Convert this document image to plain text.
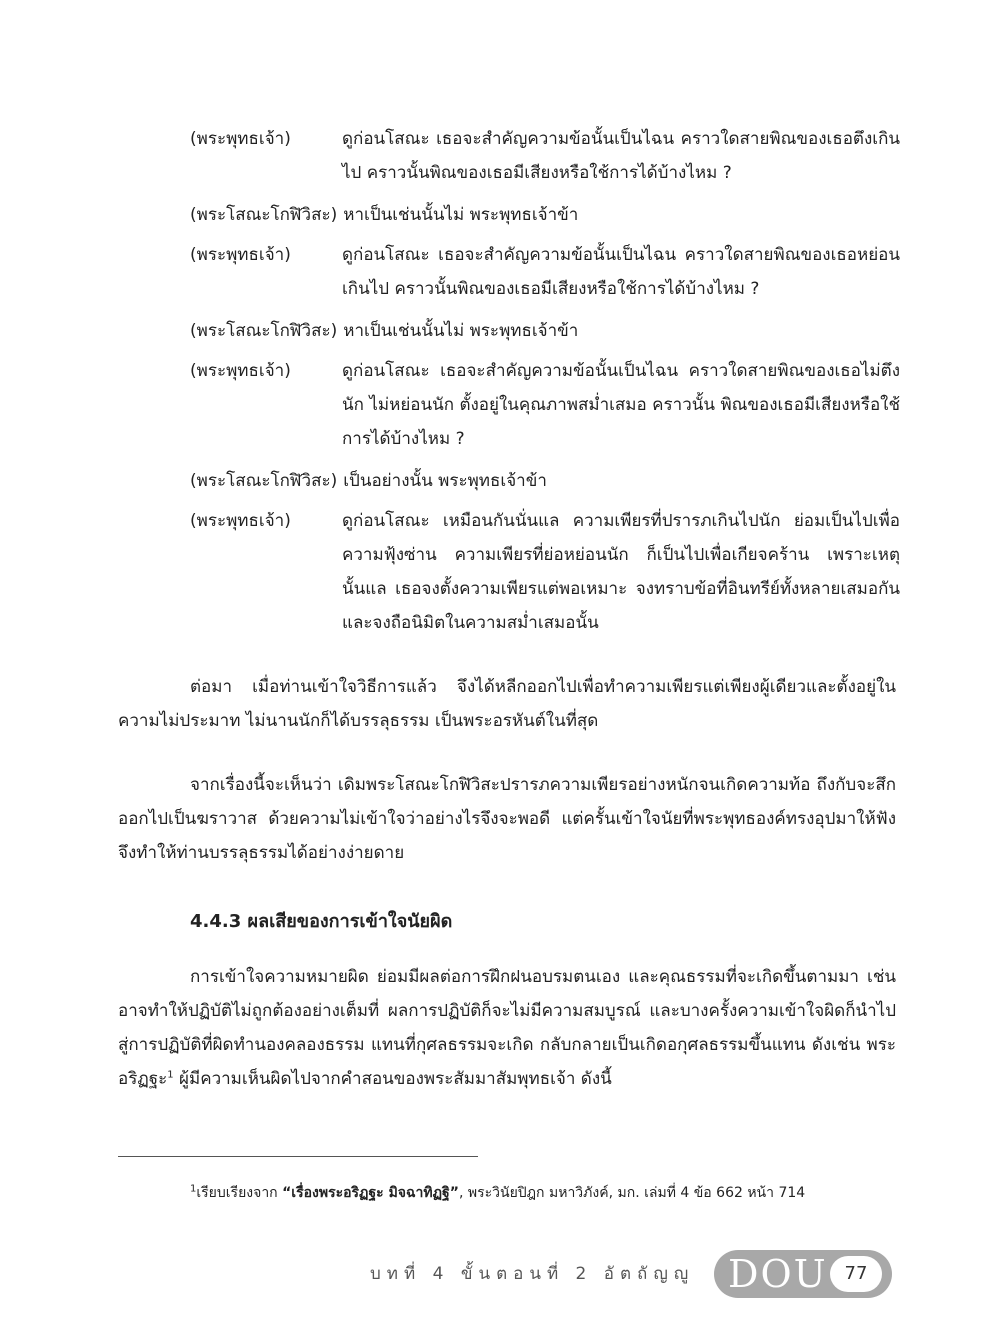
(พระพุทธเจ้า)	ดูก่อนโสณะ เธอจะสำคัญความข้อนั้นเป็นไฉน คราวใดสายพิณของเธอตึงเกินไป คราวนั้นพิณของเธอมีเสียงหรือใช้การได้บ้างไหม ?
(พระโสณะโกฬิวิสะ) หาเป็นเช่นนั้นไม่ พระพุทธเจ้าข้า
(พระพุทธเจ้า)	ดูก่อนโสณะ เธอจะสำคัญความข้อนั้นเป็นไฉน คราวใดสายพิณของเธอหย่อนเกินไป คราวนั้นพิณของเธอมีเสียงหรือใช้การได้บ้างไหม ?
(พระโสณะโกฬิวิสะ) หาเป็นเช่นนั้นไม่ พระพุทธเจ้าข้า
(พระพุทธเจ้า)	ดูก่อนโสณะ เธอจะสำคัญความข้อนั้นเป็นไฉน คราวใดสายพิณของเธอไม่ตึงนัก ไม่หย่อนนัก ตั้งอยู่ในคุณภาพสม่ำเสมอ คราวนั้น พิณของเธอมีเสียงหรือใช้การได้บ้างไหม ?
(พระโสณะโกฬิวิสะ) เป็นอย่างนั้น พระพุทธเจ้าข้า
(พระพุทธเจ้า)	ดูก่อนโสณะ เหมือนกันนั่นแล ความเพียรที่ปรารภเกินไปนัก ย่อมเป็นไปเพื่อความฟุ้งซ่าน ความเพียรที่ย่อหย่อนนัก ก็เป็นไปเพื่อเกียจคร้าน เพราะเหตุนั้นแล เธอจงตั้งความเพียรแต่พอเหมาะ จงทราบข้อที่อินทรีย์ทั้งหลายเสมอกัน และจงถือนิมิตในความสม่ำเสมอนั้น

ต่อมา เมื่อท่านเข้าใจวิธีการแล้ว จึงได้หลีกออกไปเพื่อทำความเพียรแต่เพียงผู้เดียวและตั้งอยู่ในความไม่ประมาท ไม่นานนักก็ได้บรรลุธรรม เป็นพระอรหันต์ในที่สุด

จากเรื่องนี้จะเห็นว่า เดิมพระโสณะโกฬิวิสะปรารภความเพียรอย่างหนักจนเกิดความท้อ ถึงกับจะสึกออกไปเป็นฆราวาส ด้วยความไม่เข้าใจว่าอย่างไรจึงจะพอดี แต่ครั้นเข้าใจนัยที่พระพุทธองค์ทรงอุปมาให้ฟัง จึงทำให้ท่านบรรลุธรรมได้อย่างง่ายดาย

4.4.3 ผลเสียของการเข้าใจนัยผิด

การเข้าใจความหมายผิด ย่อมมีผลต่อการฝึกฝนอบรมตนเอง และคุณธรรมที่จะเกิดขึ้นตามมา เช่น อาจทำให้ปฏิบัติไม่ถูกต้องอย่างเต็มที่ ผลการปฏิบัติก็จะไม่มีความสมบูรณ์ และบางครั้งความเข้าใจผิดก็นำไปสู่การปฏิบัติที่ผิดทำนองคลองธรรม แทนที่กุศลธรรมจะเกิด กลับกลายเป็นเกิดอกุศลธรรมขึ้นแทน ดังเช่น พระอริฏฐะ$^1$ ผู้มีความเห็นผิดไปจากคำสอนของพระสัมมาสัมพุทธเจ้า ดังนี้

$^1$เรียบเรียงจาก “เรื่องพระอริฏฐะ มิจฉาทิฏฐิ”, พระวินัยปิฎก มหาวิภังค์, มก. เล่มที่ 4 ข้อ 662 หน้า 714
บทที่ 4 ขั้นตอนที่ 2 อัตถัญญู DOU 77
